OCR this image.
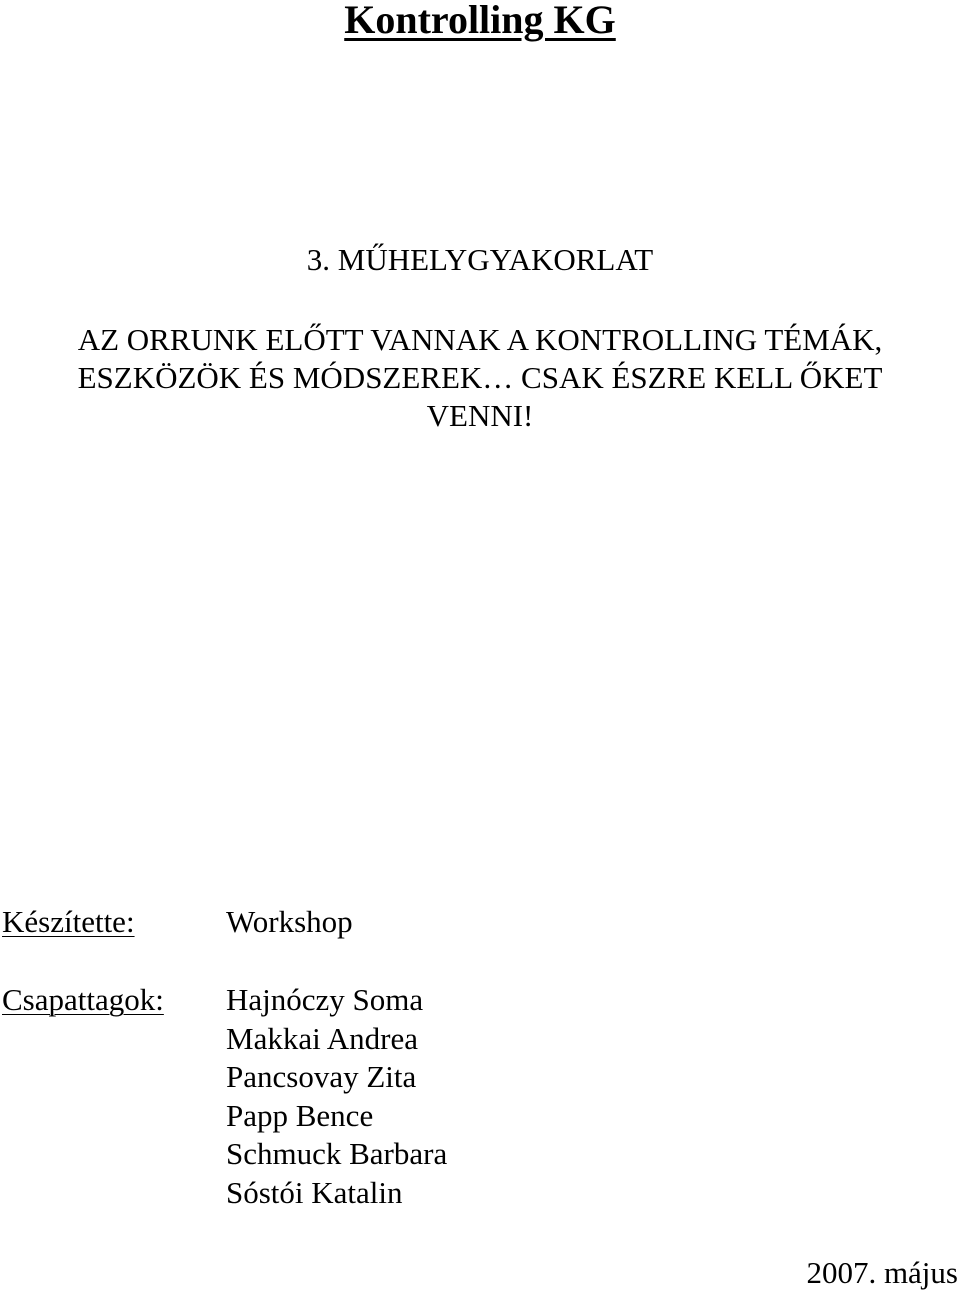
Kontrolling KG

3. MŰHELYGYAKORLAT

AZ ORRUNK ELŐTT VANNAK A KONTROLLING TÉMÁK,
ESZKÖZÖK ÉS MÓDSZEREK… CSAK ÉSZRE KELL ŐKET
VENNI!

Készítette:	Workshop

Csapattagok: Hajnóczy Soma
Makkai Andrea
Pancsovay Zita
Papp Bence
Schmuck Barbara
Sóstói Katalin

2007. május
